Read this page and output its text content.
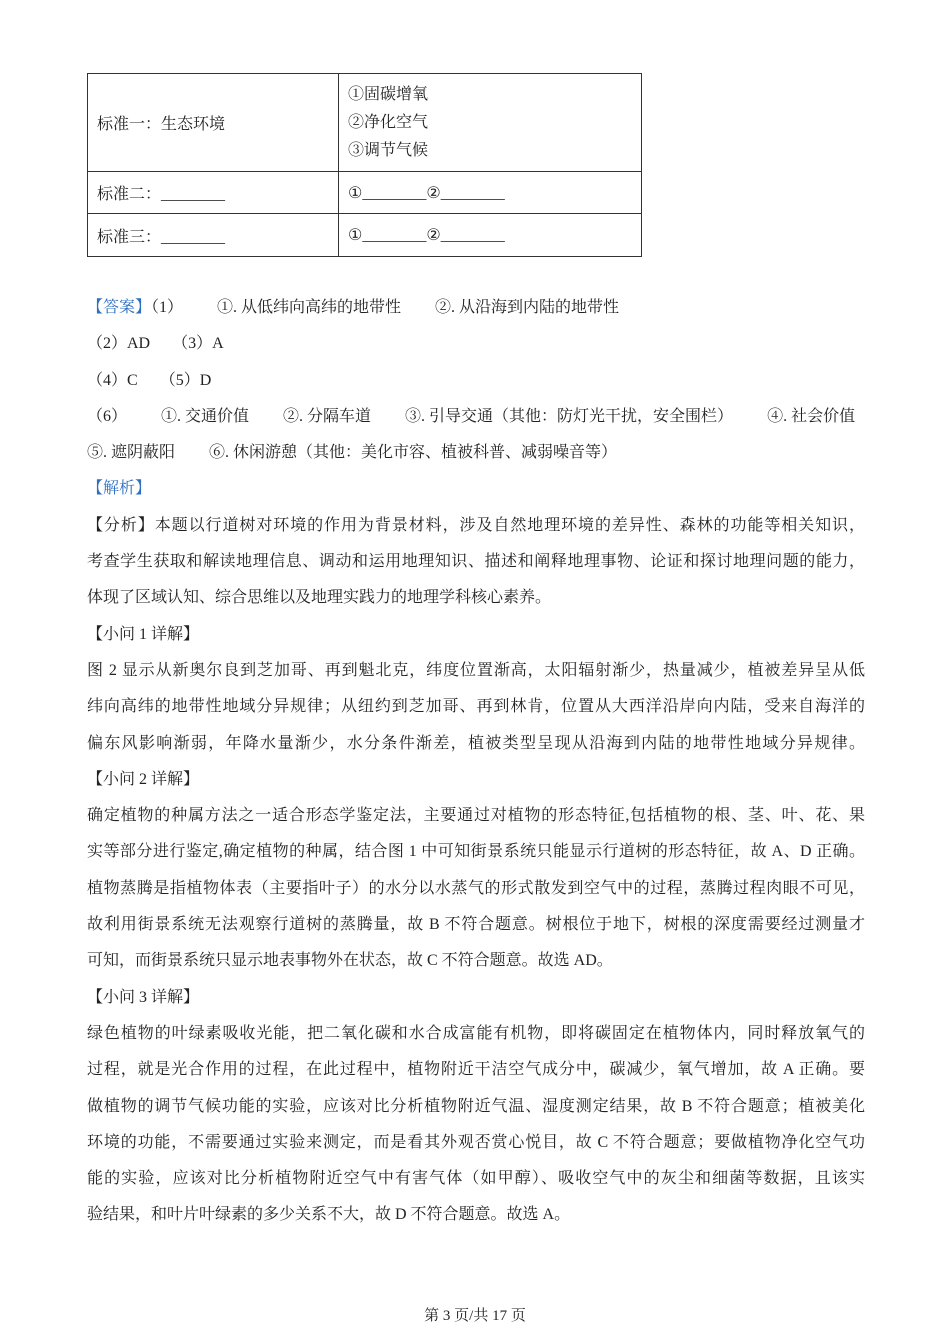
标准一：生态环境	①固碳增氧
②净化空气
③调节气候

标准二：________	①________②________
标准三：________	①________②________
【答案】（1） ①. 从低纬向高纬的地带性 ②. 从沿海到内陆的地带性
（2）AD （3）A
（4）C （5）D
（6） ①. 交通价值 ②. 分隔车道 ③. 引导交通（其他：防灯光干扰，安全围栏） ④. 社会价值
⑤. 遮阴蔽阳 ⑥. 休闲游憩（其他：美化市容、植被科普、减弱噪音等）
【解析】
【分析】本题以行道树对环境的作用为背景材料，涉及自然地理环境的差异性、森林的功能等相关知识，
考查学生获取和解读地理信息、调动和运用地理知识、描述和阐释地理事物、论证和探讨地理问题的能力，
体现了区域认知、综合思维以及地理实践力的地理学科核心素养。
【小问 1 详解】
图 2 显示从新奥尔良到芝加哥、再到魁北克，纬度位置渐高，太阳辐射渐少，热量减少，植被差异呈从低
纬向高纬的地带性地域分异规律；从纽约到芝加哥、再到林肯，位置从大西洋沿岸向内陆，受来自海洋的
偏东风影响渐弱，年降水量渐少，水分条件渐差，植被类型呈现从沿海到内陆的地带性地域分异规律。
【小问 2 详解】
确定植物的种属方法之一适合形态学鉴定法，主要通过对植物的形态特征,包括植物的根、茎、叶、花、果
实等部分进行鉴定,确定植物的种属，结合图 1 中可知街景系统只能显示行道树的形态特征，故 A、D 正确。
植物蒸腾是指植物体表（主要指叶子）的水分以水蒸气的形式散发到空气中的过程，蒸腾过程肉眼不可见，
故利用街景系统无法观察行道树的蒸腾量，故 B 不符合题意。树根位于地下，树根的深度需要经过测量才
可知，而街景系统只显示地表事物外在状态，故 C 不符合题意。故选 AD。
【小问 3 详解】
绿色植物的叶绿素吸收光能，把二氧化碳和水合成富能有机物，即将碳固定在植物体内，同时释放氧气的
过程，就是光合作用的过程，在此过程中，植物附近干洁空气成分中，碳减少，氧气增加，故 A 正确。要
做植物的调节气候功能的实验，应该对比分析植物附近气温、湿度测定结果，故 B 不符合题意；植被美化
环境的功能，不需要通过实验来测定，而是看其外观否赏心悦目，故 C 不符合题意；要做植物净化空气功
能的实验，应该对比分析植物附近空气中有害气体（如甲醇）、吸收空气中的灰尘和细菌等数据，且该实
验结果，和叶片叶绿素的多少关系不大，故 D 不符合题意。故选 A。
第 3 页/共 17 页
